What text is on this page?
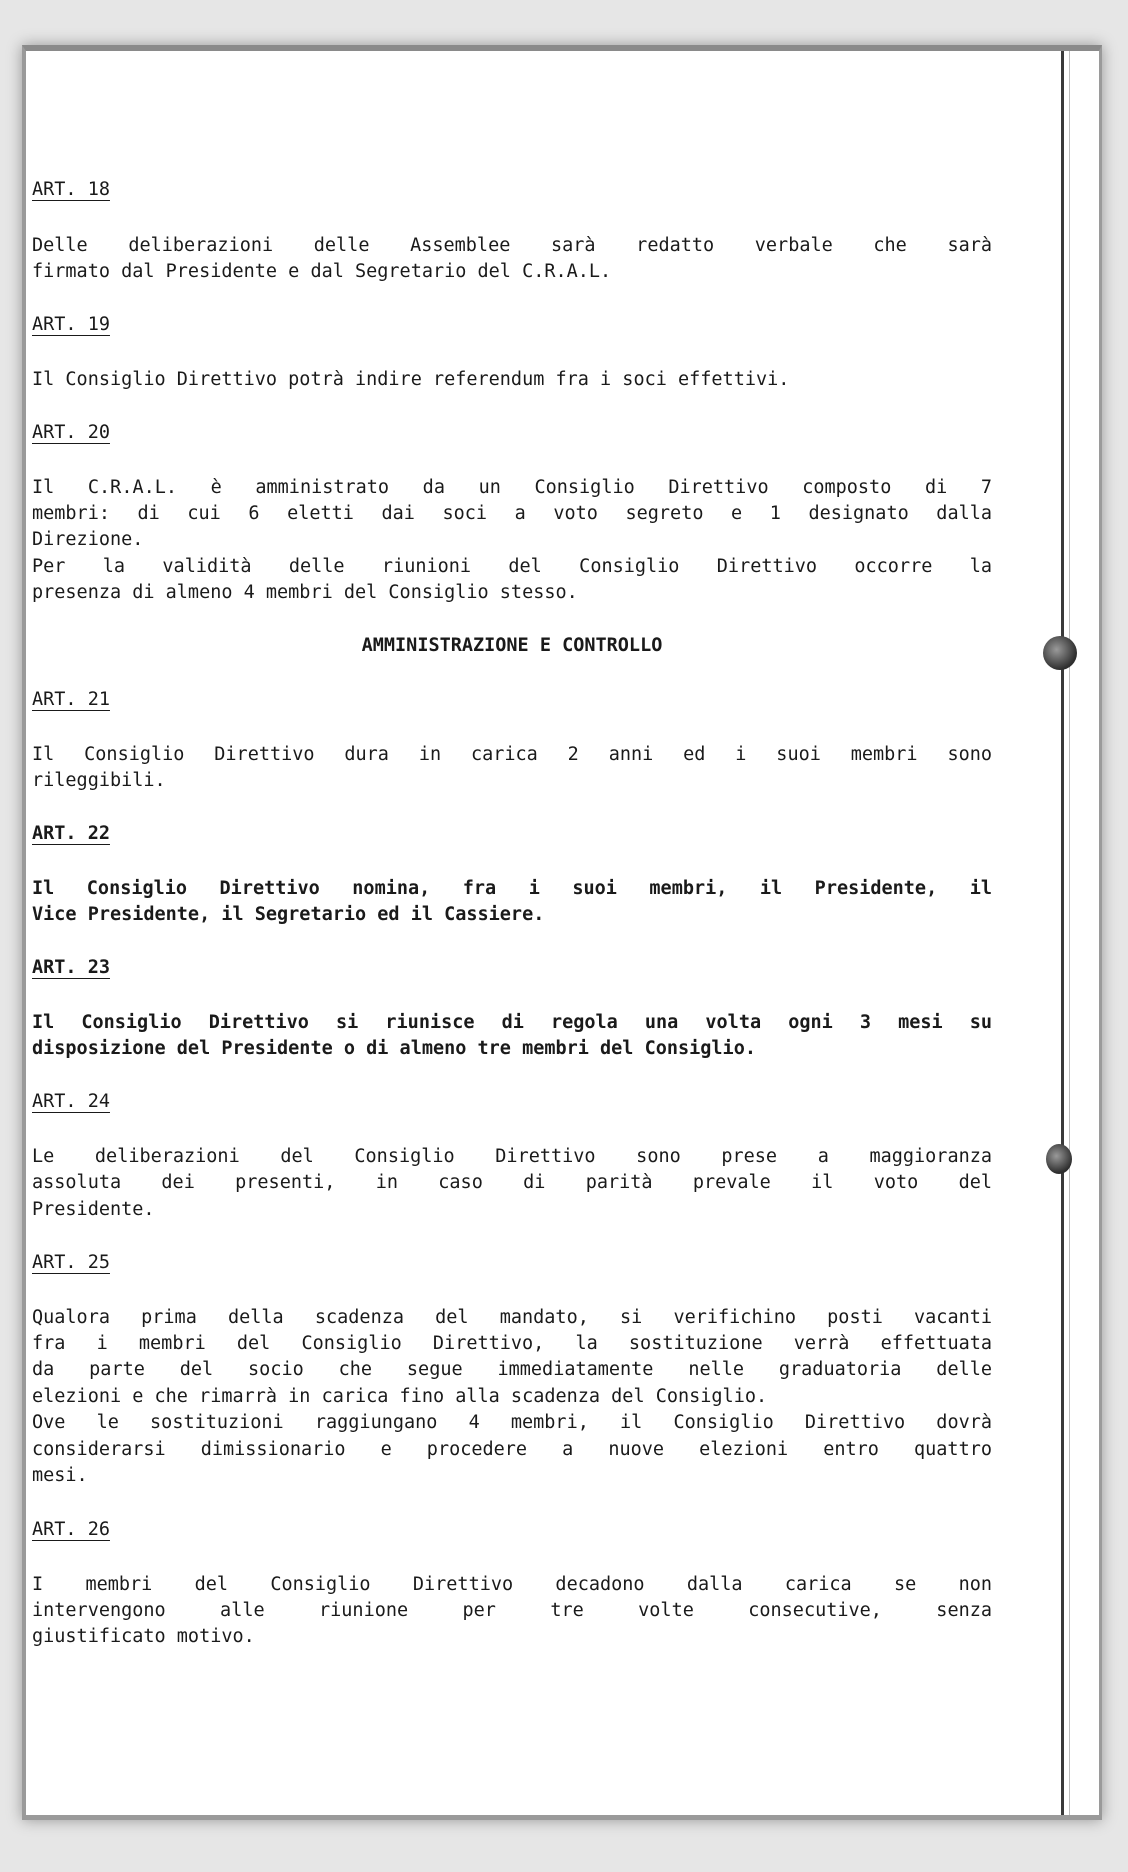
ART. 18
Delle deliberazioni delle Assemblee sarà redatto verbale che sarà
firmato dal Presidente e dal Segretario del C.R.A.L.
ART. 19
Il Consiglio Direttivo potrà indire referendum fra i soci effettivi.
ART. 20
Il C.R.A.L. è amministrato da un Consiglio Direttivo composto di 7
membri: di cui 6 eletti dai soci a voto segreto e 1 designato dalla
Direzione.
Per la validità delle riunioni del Consiglio Direttivo occorre la
presenza di almeno 4 membri del Consiglio stesso.
AMMINISTRAZIONE E CONTROLLO
ART. 21
Il Consiglio Direttivo dura in carica 2 anni ed i suoi membri sono
rileggibili.
ART. 22
Il Consiglio Direttivo nomina, fra i suoi membri, il Presidente, il
Vice Presidente, il Segretario ed il Cassiere.
ART. 23
Il Consiglio Direttivo si riunisce di regola una volta ogni 3 mesi su
disposizione del Presidente o di almeno tre membri del Consiglio.
ART. 24
Le deliberazioni del Consiglio Direttivo sono prese a maggioranza
assoluta dei presenti, in caso di parità prevale il voto del
Presidente.
ART. 25
Qualora prima della scadenza del mandato, si verifichino posti vacanti
fra i membri del Consiglio Direttivo, la sostituzione verrà effettuata
da parte del socio che segue immediatamente nelle graduatoria delle
elezioni e che rimarrà in carica fino alla scadenza del Consiglio.
Ove le sostituzioni raggiungano 4 membri, il Consiglio Direttivo dovrà
considerarsi dimissionario e procedere a nuove elezioni entro quattro
mesi.
ART. 26
I membri del Consiglio Direttivo decadono dalla carica se non
intervengono alle riunione per tre volte consecutive, senza
giustificato motivo.
